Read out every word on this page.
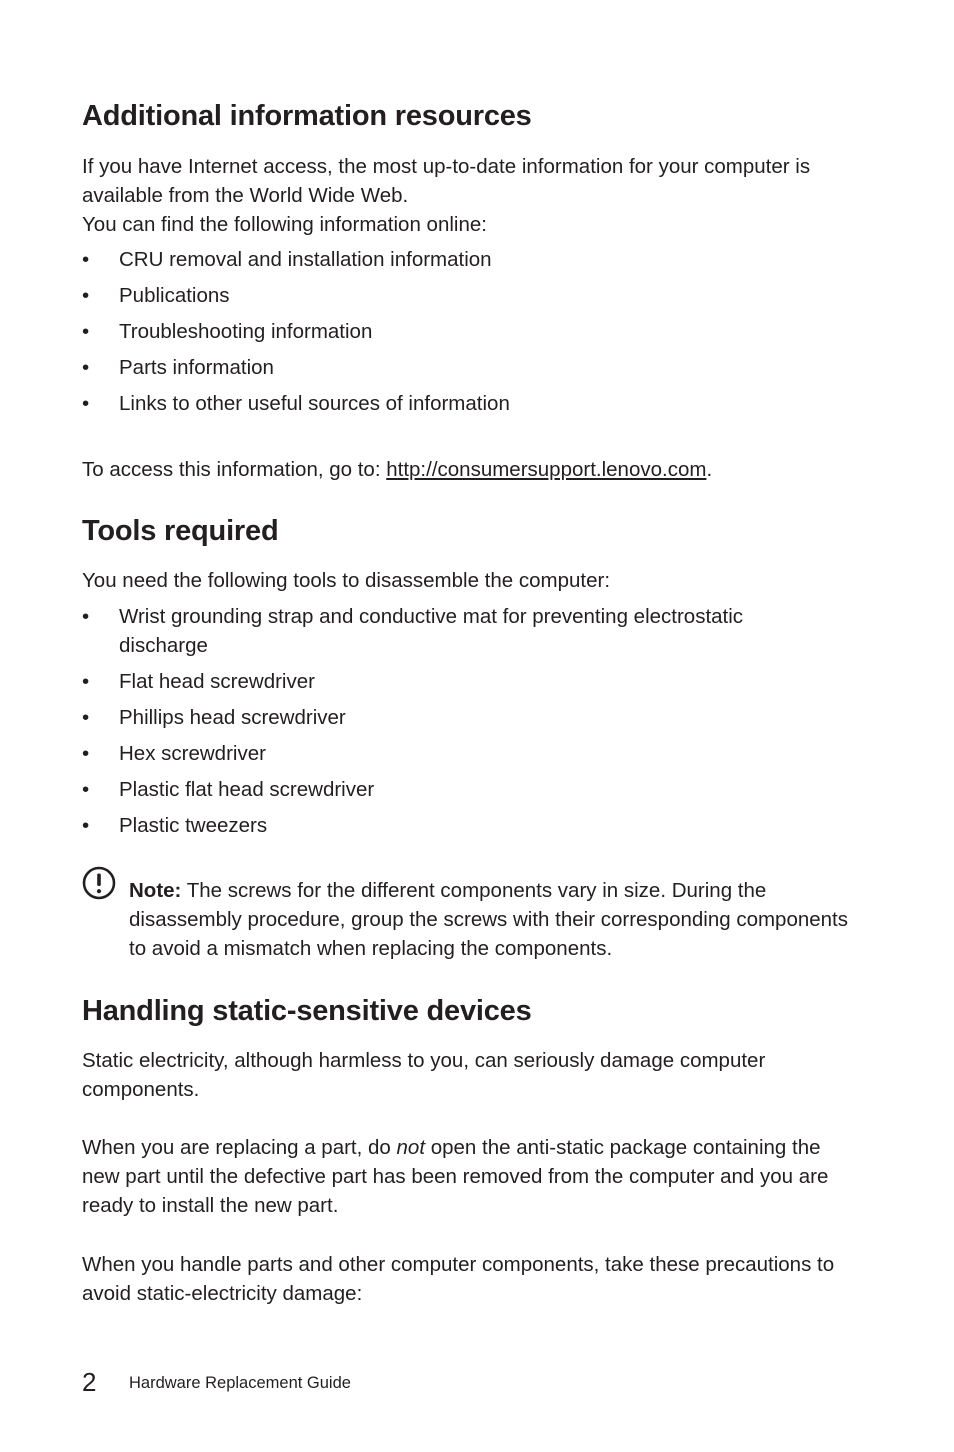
Additional information resources

If you have Internet access, the most up-to-date information for your computer is available from the World Wide Web.
You can find the following information online:

•	CRU removal and installation information
•	Publications
•	Troubleshooting information
•	Parts information
•	Links to other useful sources of information

To access this information, go to: http://consumersupport.lenovo.com.

Tools required

You need the following tools to disassemble the computer:

•	Wrist grounding strap and conductive mat for preventing electrostatic discharge
•	Flat head screwdriver
•	Phillips head screwdriver
•	Hex screwdriver
•	Plastic flat head screwdriver
•	Plastic tweezers

Note: The screws for the different components vary in size. During the disassembly procedure, group the screws with their corresponding components to avoid a mismatch when replacing the components.

Handling static-sensitive devices

Static electricity, although harmless to you, can seriously damage computer components.

When you are replacing a part, do not open the anti-static package containing the new part until the defective part has been removed from the computer and you are ready to install the new part.

When you handle parts and other computer components, take these precautions to avoid static-electricity damage:

2 Hardware Replacement Guide
